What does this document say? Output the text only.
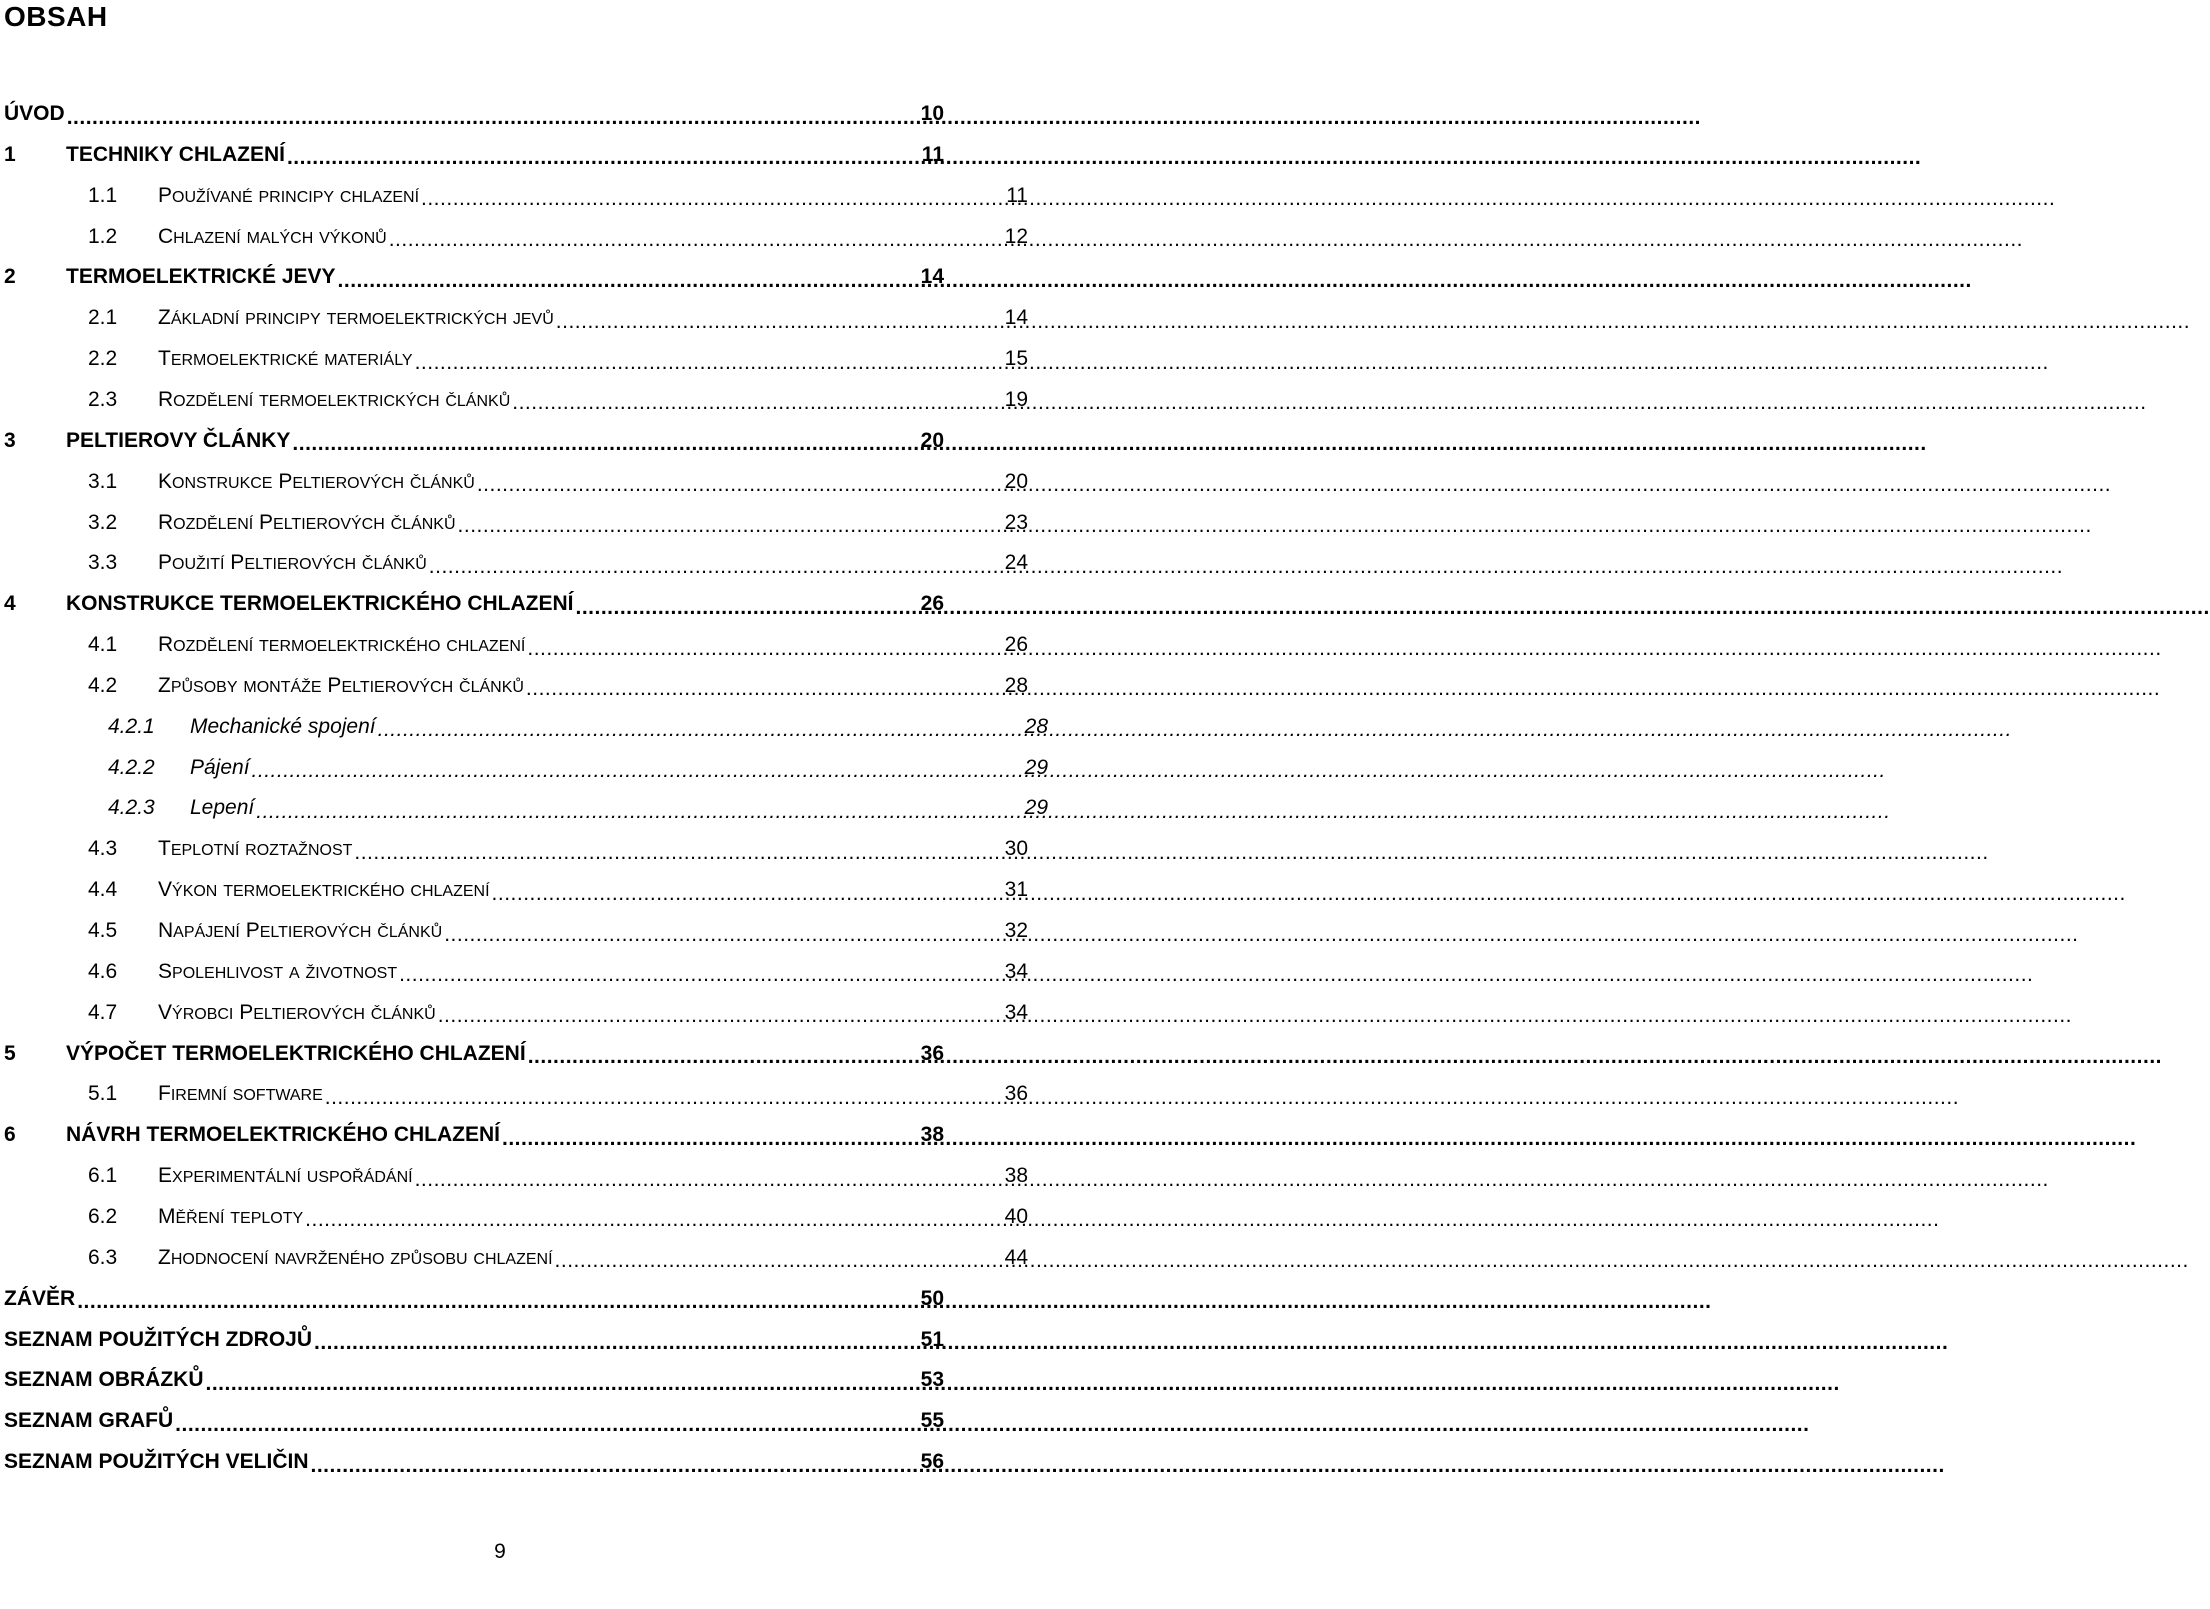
OBSAH
ÚVOD .....	10
1	TECHNIKY CHLAZENÍ .....	11
1.1	POUŽÍVANÉ PRINCIPY CHLAZENÍ .....	11
1.2	CHLAZENÍ MALÝCH VÝKONŮ .....	12
2	TERMOELEKTRICKÉ JEVY .....	14
2.1	ZÁKLADNÍ PRINCIPY TERMOELEKTRICKÝCH JEVŮ .....	14
2.2	TERMOELEKTRICKÉ MATERIÁLY .....	15
2.3	ROZDĚLENÍ TERMOELEKTRICKÝCH ČLÁNKŮ .....	19
3	PELTIEROVY ČLÁNKY .....	20
3.1	KONSTRUKCE PELTIEROVÝCH ČLÁNKŮ .....	20
3.2	ROZDĚLENÍ PELTIEROVÝCH ČLÁNKŮ .....	23
3.3	POUŽITÍ PELTIEROVÝCH ČLÁNKŮ .....	24
4	KONSTRUKCE TERMOELEKTRICKÉHO CHLAZENÍ .....	26
4.1	ROZDĚLENÍ TERMOELEKTRICKÉHO CHLAZENÍ .....	26
4.2	ZPŮSOBY MONTÁŽE PELTIEROVÝCH ČLÁNKŮ .....	28
4.2.1	Mechanické spojení .....	28
4.2.2	Pájení .....	29
4.2.3	Lepení .....	29
4.3	TEPLOTNÍ ROZTAŽNOST .....	30
4.4	VÝKON TERMOELEKTRICKÉHO CHLAZENÍ .....	31
4.5	NAPÁJENÍ PELTIEROVÝCH ČLÁNKŮ .....	32
4.6	SPOLEHLIVOST A ŽIVOTNOST .....	34
4.7	VÝROBCI PELTIEROVÝCH ČLÁNKŮ .....	34
5	VÝPOČET TERMOELEKTRICKÉHO CHLAZENÍ .....	36
5.1	FIREMNÍ SOFTWARE .....	36
6	NÁVRH TERMOELEKTRICKÉHO CHLAZENÍ .....	38
6.1	EXPERIMENTÁLNÍ USPOŘÁDÁNÍ .....	38
6.2	MĚŘENÍ TEPLOTY .....	40
6.3	ZHODNOCENÍ NAVRŽENÉHO ZPŮSOBU CHLAZENÍ .....	44
ZÁVĚR .....	50
SEZNAM POUŽITÝCH ZDROJŮ .....	51
SEZNAM OBRÁZKŮ .....	53
SEZNAM GRAFŮ .....	55
SEZNAM POUŽITÝCH VELIČIN .....	56
9
